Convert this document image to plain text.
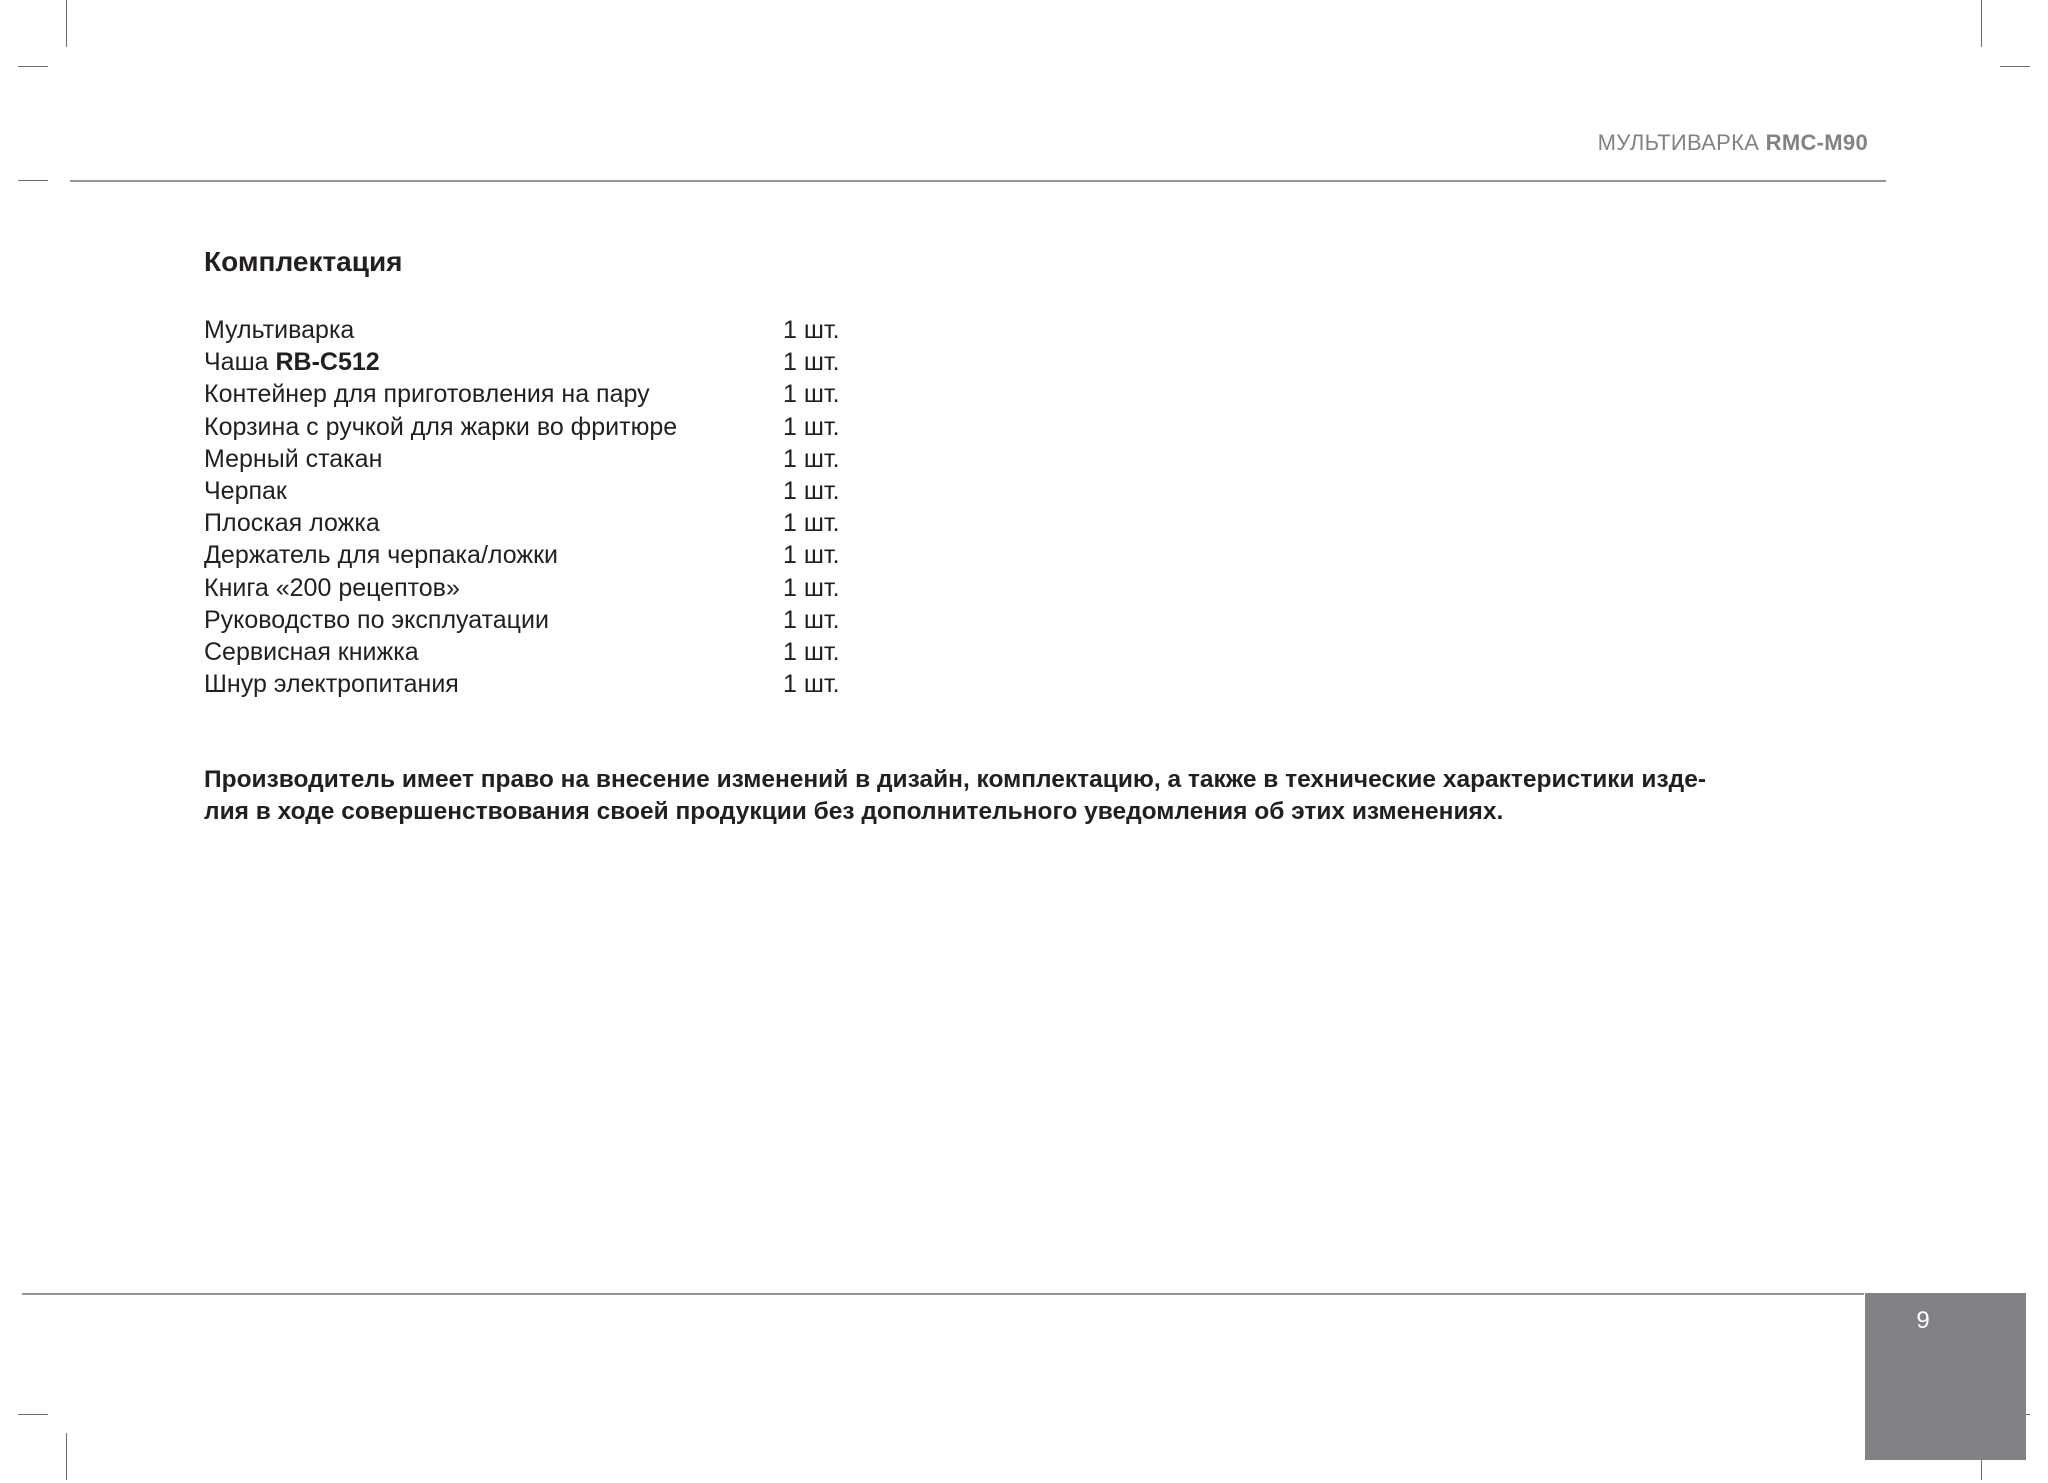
МУЛЬТИВАРКА RMC-M90
Комплектация
Мультиварка	1 шт.
Чаша RB-C512	1 шт.
Контейнер для приготовления на пару	1 шт.
Корзина с ручкой для жарки во фритюре	1 шт.
Мерный стакан	1 шт.
Черпак	1 шт.
Плоская ложка	1 шт.
Держатель для черпака/ложки	1 шт.
Книга «200 рецептов»	1 шт.
Руководство по эксплуатации	1 шт.
Сервисная книжка	1 шт.
Шнур электропитания	1 шт.

Производитель имеет право на внесение изменений в дизайн, комплектацию, а также в технические характеристики изде-

лия в ходе совершенствования своей продукции без дополнительного уведомления об этих изменениях.

9
